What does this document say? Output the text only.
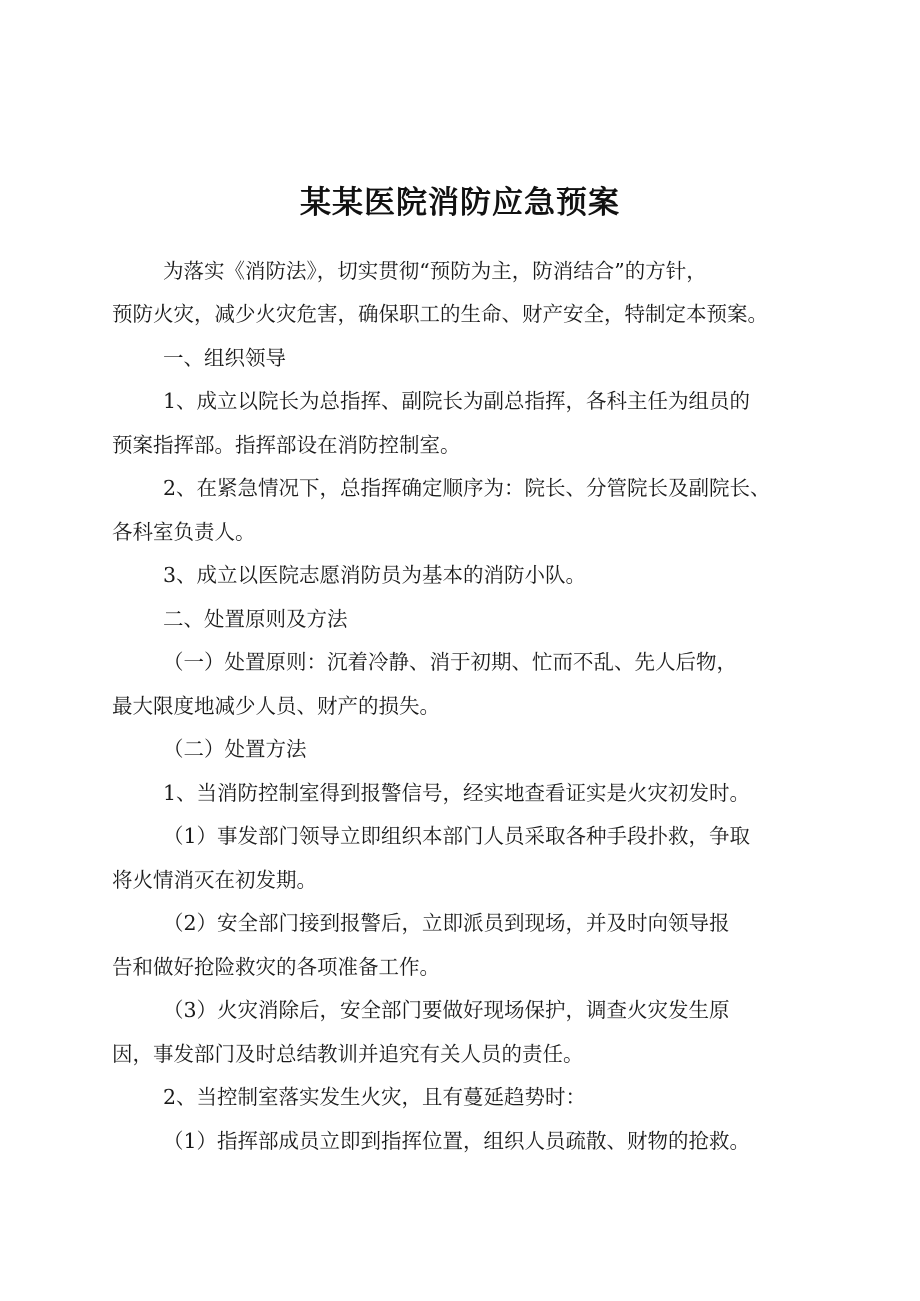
某某医院消防应急预案

为落实《消防法》，切实贯彻“预防为主，防消结合”的方针，

预防火灾，减少火灾危害，确保职工的生命、财产安全，特制定本预案。

一、组织领导

1、成立以院长为总指挥、副院长为副总指挥，各科主任为组员的

预案指挥部。指挥部设在消防控制室。

2、在紧急情况下，总指挥确定顺序为：院长、分管院长及副院长、

各科室负责人。

3、成立以医院志愿消防员为基本的消防小队。

二、处置原则及方法

（一）处置原则：沉着冷静、消于初期、忙而不乱、先人后物，

最大限度地减少人员、财产的损失。

（二）处置方法

1、当消防控制室得到报警信号，经实地查看证实是火灾初发时。

（1）事发部门领导立即组织本部门人员采取各种手段扑救，争取

将火情消灭在初发期。

（2）安全部门接到报警后，立即派员到现场，并及时向领导报

告和做好抢险救灾的各项准备工作。

（3）火灾消除后，安全部门要做好现场保护，调查火灾发生原

因，事发部门及时总结教训并追究有关人员的责任。

2、当控制室落实发生火灾，且有蔓延趋势时：

（1）指挥部成员立即到指挥位置，组织人员疏散、财物的抢救。
